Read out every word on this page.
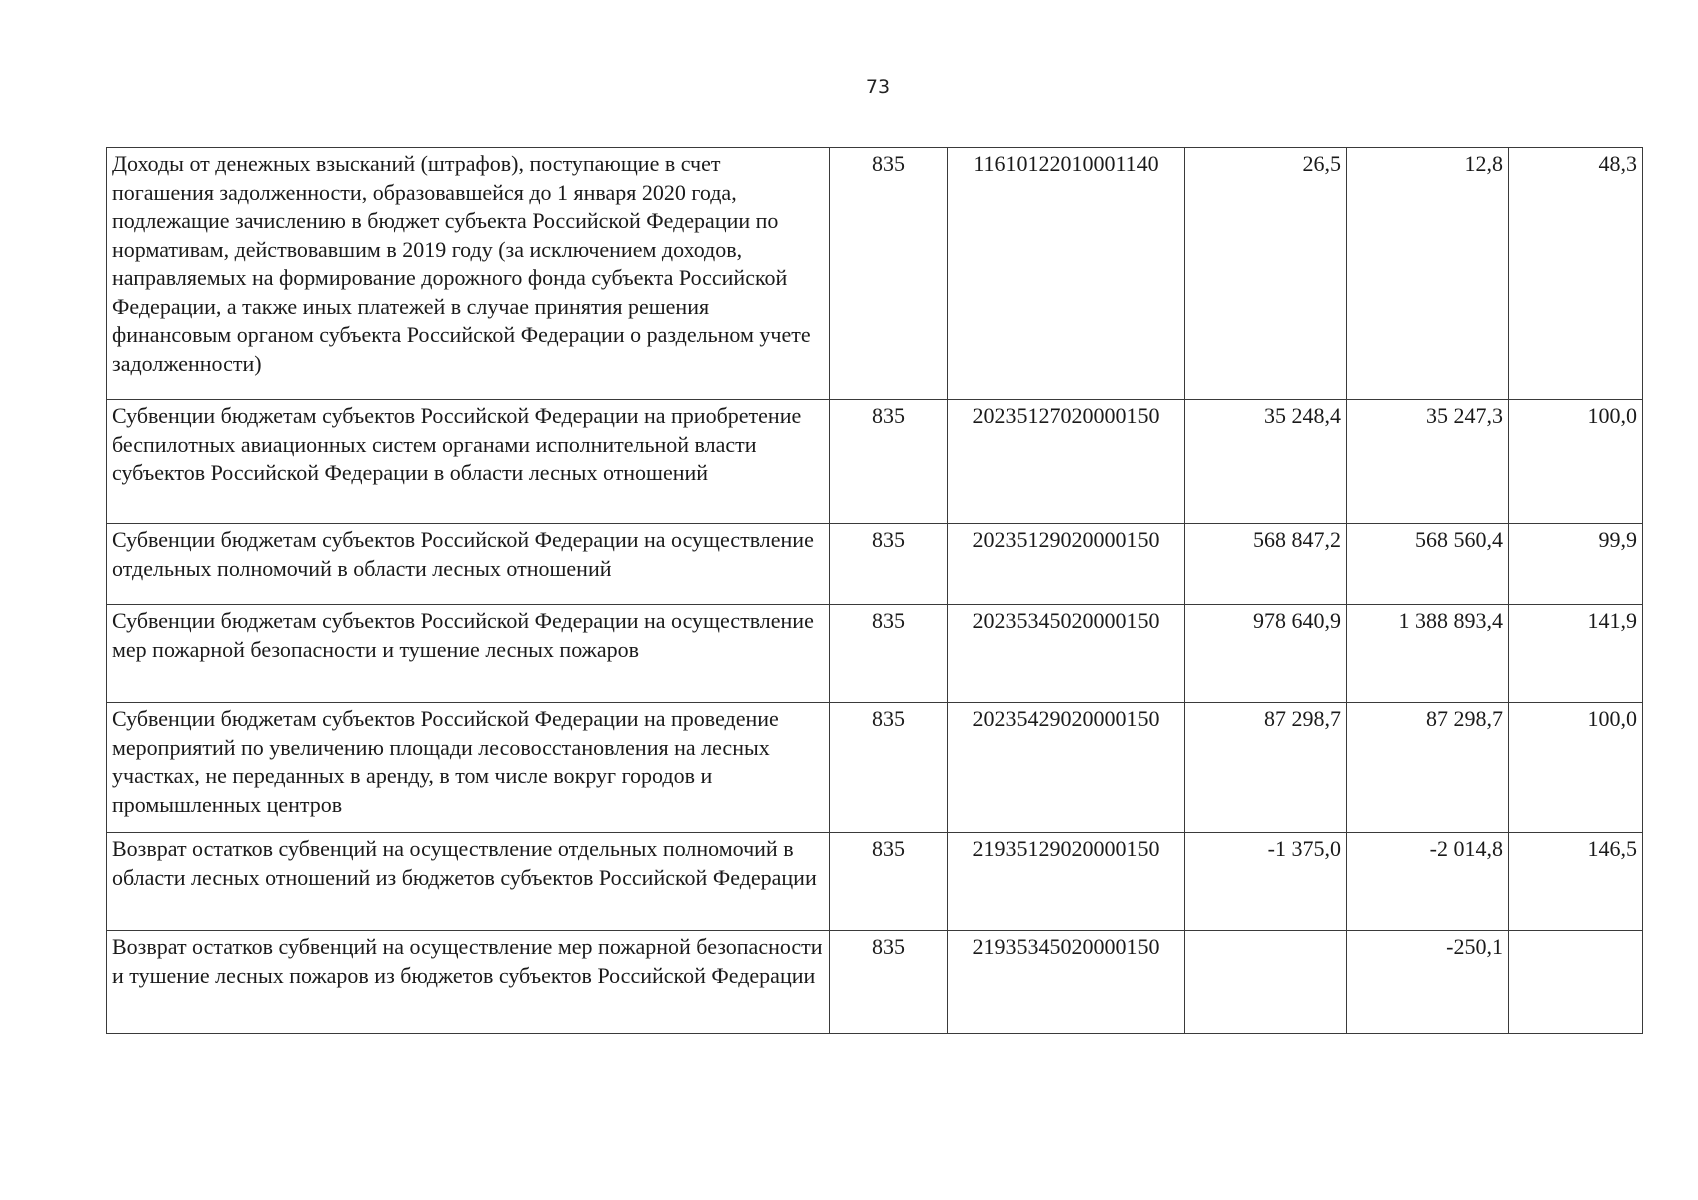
73
Доходы от денежных взысканий (штрафов), поступающие в счет погашения задолженности, образовавшейся до 1 января 2020 года, подлежащие зачислению в бюджет субъекта Российской Федерации по нормативам, действовавшим в 2019 году (за исключением доходов, направляемых на формирование дорожного фонда субъекта Российской Федерации, а также иных платежей в случае принятия решения финансовым органом субъекта Российской Федерации о раздельном учете задолженности)	835	11610122010001140	26,5	12,8	48,3
Субвенции бюджетам субъектов Российской Федерации на приобретение беспилотных авиационных систем органами исполнительной власти субъектов Российской Федерации в области лесных отношений	835	20235127020000150	35 248,4	35 247,3	100,0
Субвенции бюджетам субъектов Российской Федерации на осуществление отдельных полномочий в области лесных отношений	835	20235129020000150	568 847,2	568 560,4	99,9
Субвенции бюджетам субъектов Российской Федерации на осуществление мер пожарной безопасности и тушение лесных пожаров	835	20235345020000150	978 640,9	1 388 893,4	141,9
Субвенции бюджетам субъектов Российской Федерации на проведение мероприятий по увеличению площади лесовосстановления на лесных участках, не переданных в аренду, в том числе вокруг городов и промышленных центров	835	20235429020000150	87 298,7	87 298,7	100,0
Возврат остатков субвенций на осуществление отдельных полномочий в области лесных отношений из бюджетов субъектов Российской Федерации	835	21935129020000150	-1 375,0	-2 014,8	146,5
Возврат остатков субвенций на осуществление мер пожарной безопасности и тушение лесных пожаров из бюджетов субъектов Российской Федерации	835	21935345020000150		-250,1	
